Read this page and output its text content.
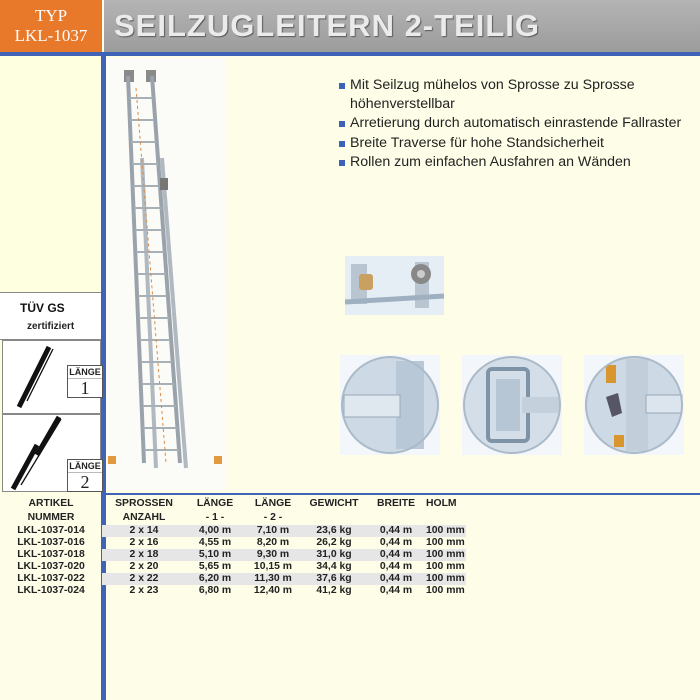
TYP
LKL-1037 SEILZUGLEITERN 2-TEILIG
TÜV GS
zertifiziert
LÄNGE
1
LÄNGE
2
Mit Seilzug mühelos von Sprosse zu Sprosse höhenverstellbar
Arretierung durch automatisch einrastende Fallraster
Breite Traverse für hohe Standsicherheit
Rollen zum einfachen Ausfahren an Wänden
ARTIKEL	SPROSSEN	LÄNGE	LÄNGE	GEWICHT	BREITE	HOLM
NUMMER	ANZAHL	- 1 -	- 2 -			
LKL-1037-014	2 x 14	4,00 m	7,10 m	23,6 kg	0,44 m	100 mm
LKL-1037-016	2 x 16	4,55 m	8,20 m	26,2 kg	0,44 m	100 mm
LKL-1037-018	2 x 18	5,10 m	9,30 m	31,0 kg	0,44 m	100 mm
LKL-1037-020	2 x 20	5,65 m	10,15 m	34,4 kg	0,44 m	100 mm
LKL-1037-022	2 x 22	6,20 m	11,30 m	37,6 kg	0,44 m	100 mm
LKL-1037-024	2 x 23	6,80 m	12,40 m	41,2 kg	0,44 m	100 mm
